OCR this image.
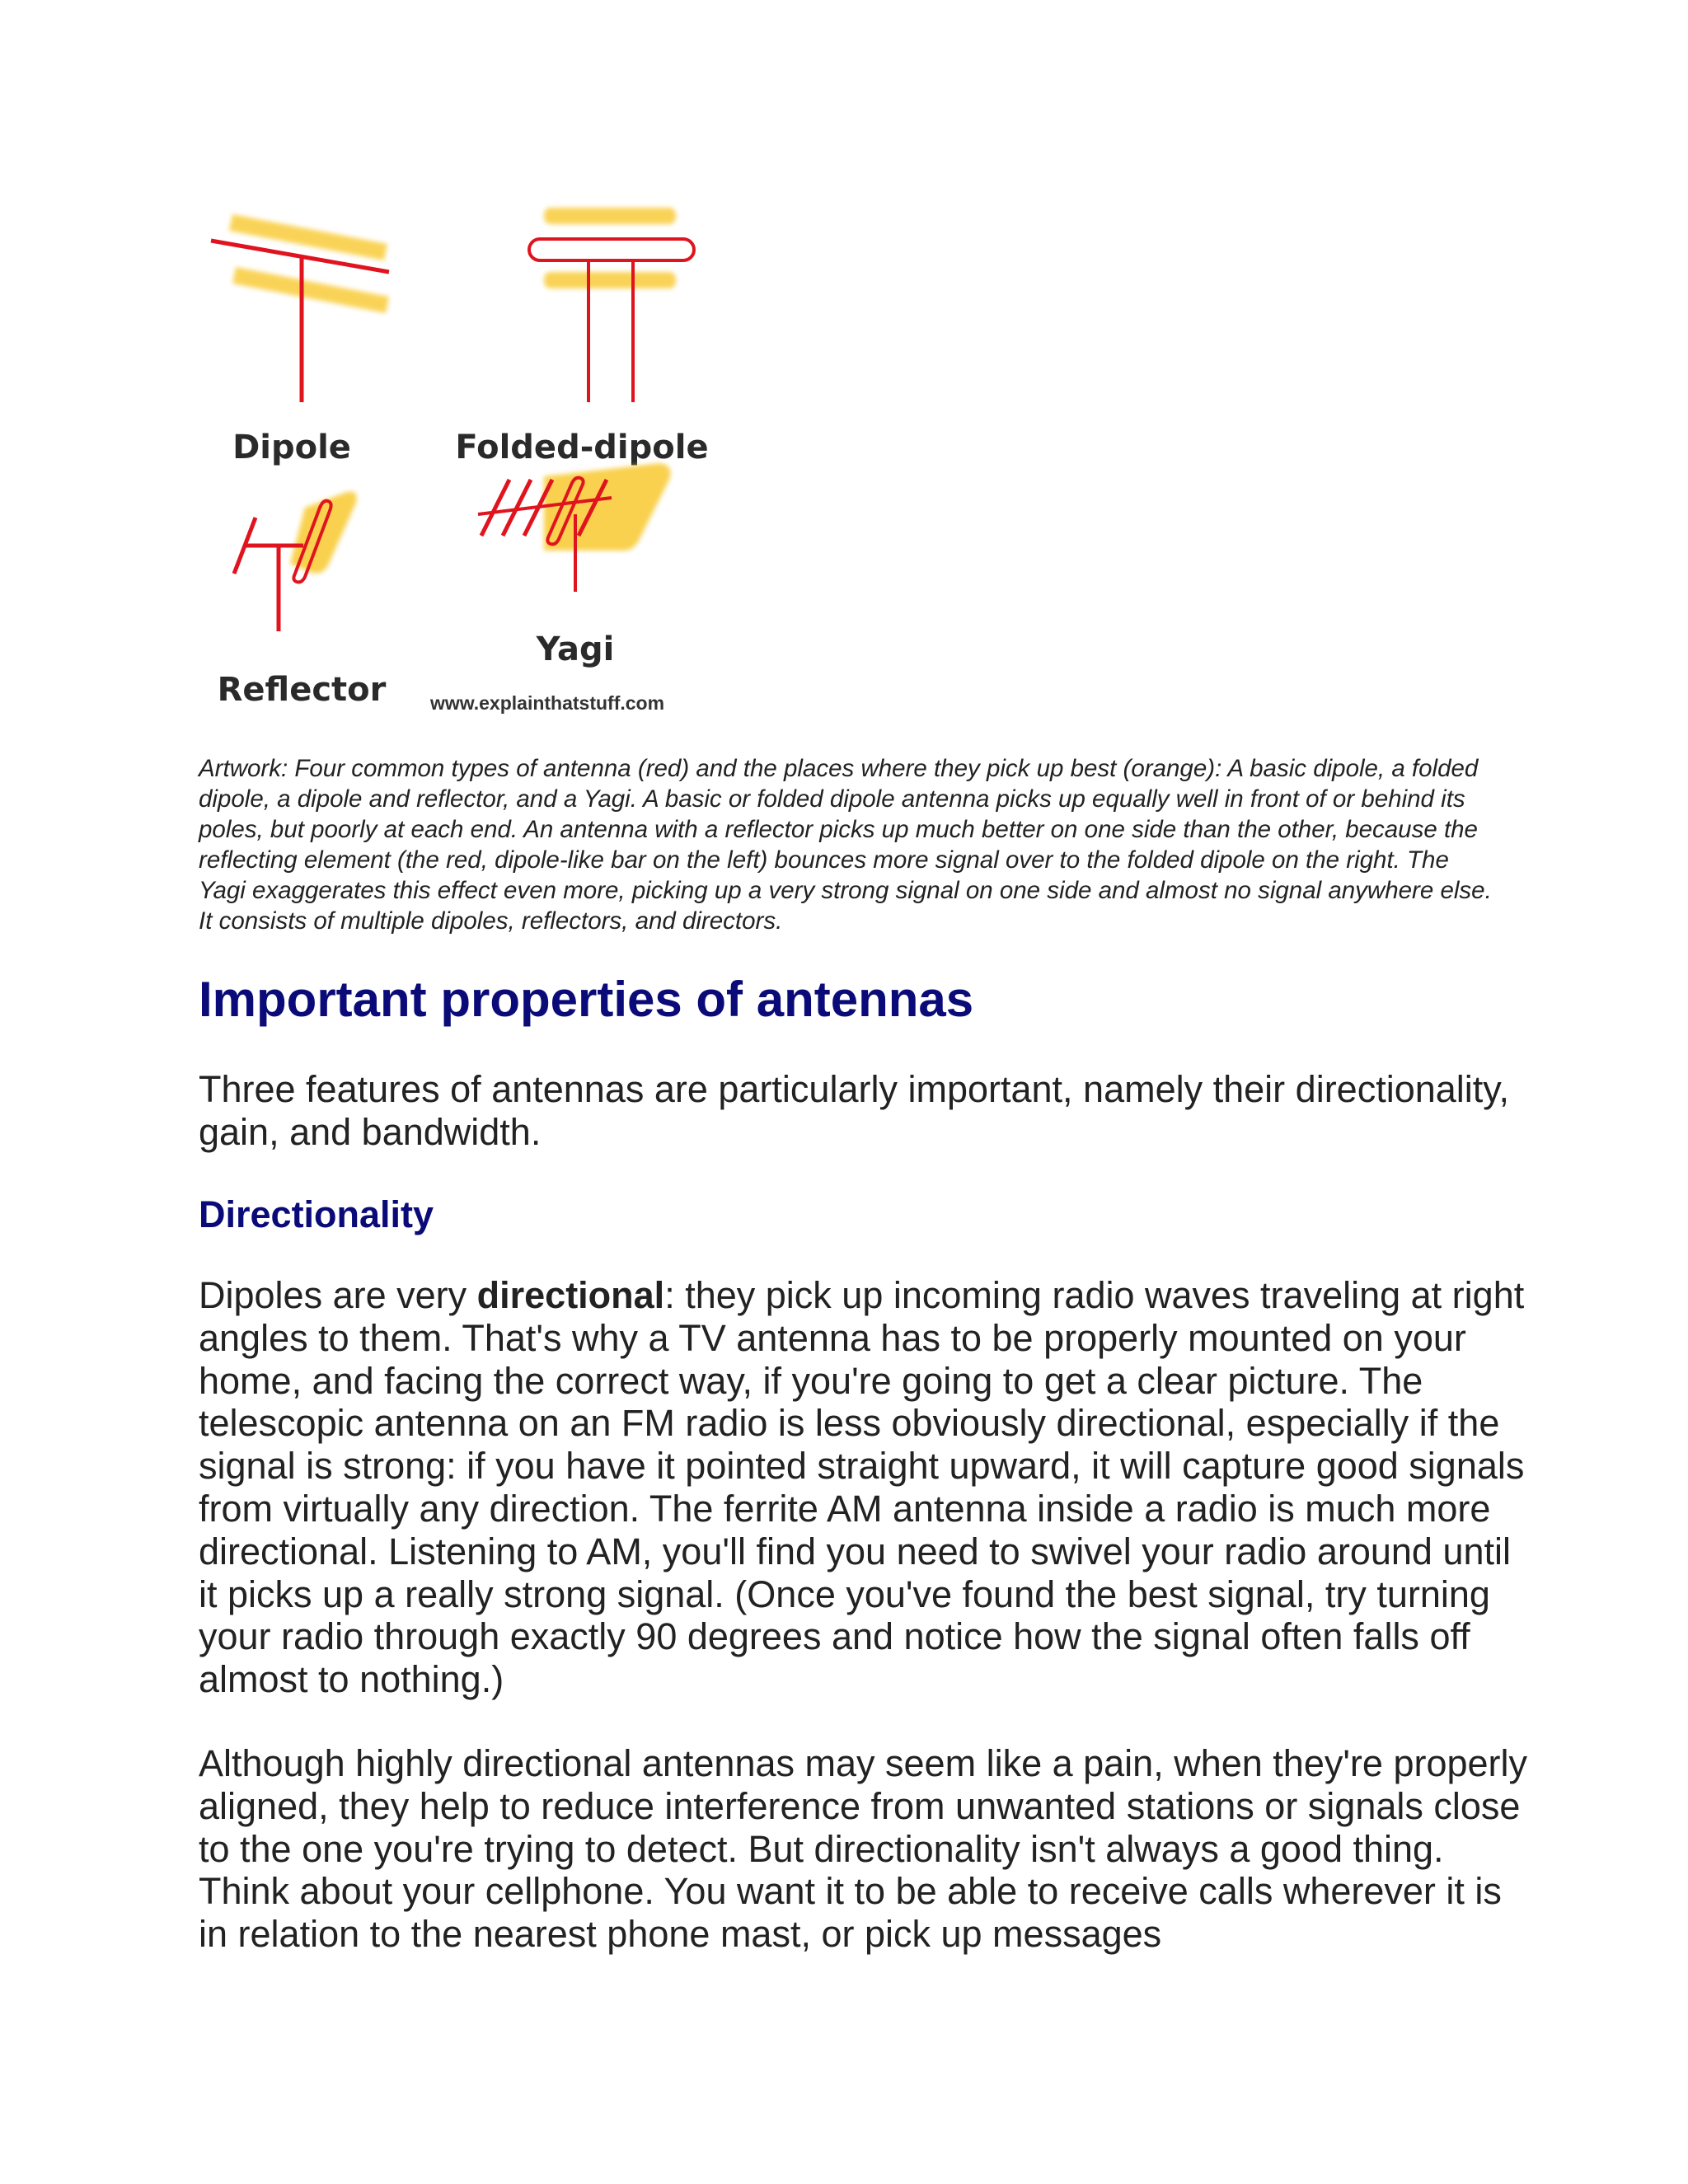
Dipole	Folded-dipole
Reflector
Yagi
www.explainthatstuff.com

Artwork: Four common types of antenna (red) and the places where they pick up best (orange): A basic dipole, a folded dipole, a dipole and reflector, and a Yagi. A basic or folded dipole antenna picks up equally well in front of or behind its poles, but poorly at each end. An antenna with a reflector picks up much better on one side than the other, because the reflecting element (the red, dipole-like bar on the left) bounces more signal over to the folded dipole on the right. The Yagi exaggerates this effect even more, picking up a very strong signal on one side and almost no signal anywhere else. It consists of multiple dipoles, reflectors, and directors.

Important properties of antennas

Three features of antennas are particularly important, namely their directionality, gain, and bandwidth.

Directionality

Dipoles are very directional: they pick up incoming radio waves traveling at right angles to them. That's why a TV antenna has to be properly mounted on your home, and facing the correct way, if you're going to get a clear picture. The telescopic antenna on an FM radio is less obviously directional, especially if the signal is strong: if you have it pointed straight upward, it will capture good signals from virtually any direction. The ferrite AM antenna inside a radio is much more directional. Listening to AM, you'll find you need to swivel your radio around until it picks up a really strong signal. (Once you've found the best signal, try turning your radio through exactly 90 degrees and notice how the signal often falls off almost to nothing.)

Although highly directional antennas may seem like a pain, when they're properly aligned, they help to reduce interference from unwanted stations or signals close to the one you're trying to detect. But directionality isn't always a good thing. Think about your cellphone. You want it to be able to receive calls wherever it is in relation to the nearest phone mast, or pick up messages
